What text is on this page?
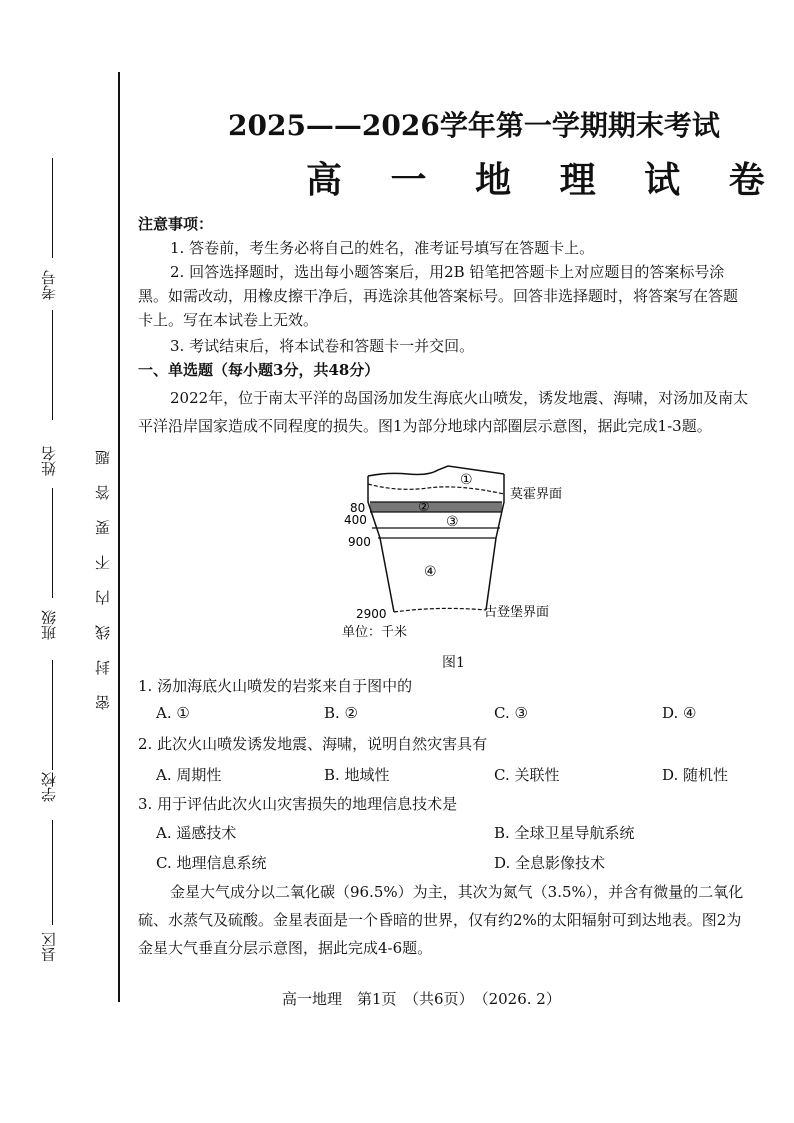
考号
姓名
班级
学校
县区
密封线内不要答题
2025——2026学年第一学期期末考试
高 一 地 理 试 卷
注意事项：
1. 答卷前，考生务必将自己的姓名，准考证号填写在答题卡上。
2. 回答选择题时，选出每小题答案后，用2B 铅笔把答题卡上对应题目的答案标号涂
黑。如需改动，用橡皮擦干净后，再选涂其他答案标号。回答非选择题时，将答案写在答题
卡上。写在本试卷上无效。
3. 考试结束后，将本试卷和答题卡一并交回。
一、单选题（每小题3分，共48分）
2022年，位于南太平洋的岛国汤加发生海底火山喷发，诱发地震、海啸，对汤加及南太
平洋沿岸国家造成不同程度的损失。图1为部分地球内部圈层示意图，据此完成1-3题。
①
②
③
④
80
400
900
2900
莫霍界面
古登堡界面
单位：千米
图1
1. 汤加海底火山喷发的岩浆来自于图中的
A. ①	B. ②	C. ③	D. ④
2. 此次火山喷发诱发地震、海啸，说明自然灾害具有
A. 周期性	B. 地域性	C. 关联性	D. 随机性
3. 用于评估此次火山灾害损失的地理信息技术是
A. 遥感技术	B. 全球卫星导航系统
C. 地理信息系统	D. 全息影像技术
金星大气成分以二氧化碳（96.5%）为主，其次为氮气（3.5%），并含有微量的二氧化
硫、水蒸气及硫酸。金星表面是一个昏暗的世界，仅有约2%的太阳辐射可到达地表。图2为
金星大气垂直分层示意图，据此完成4-6题。
高一地理　第1页　（共6页）　（2026. 2）
